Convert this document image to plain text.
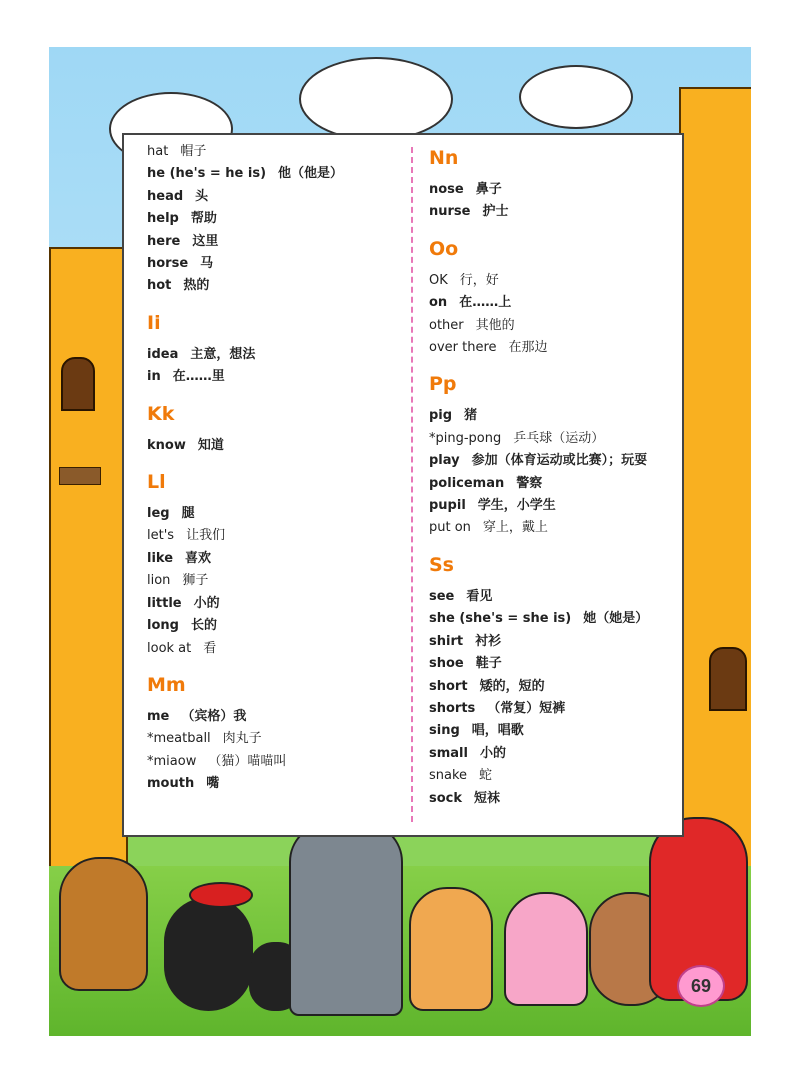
hat 帽子
he (he's = he is) 他（他是）
head 头
help 帮助
here 这里
horse 马
hot 热的
Ii
idea 主意，想法
in 在……里
Kk
know 知道
Ll
leg 腿
let's 让我们
like 喜欢
lion 狮子
little 小的
long 长的
look at 看
Mm
me （宾格）我
*meatball 肉丸子
*miaow （猫）喵喵叫
mouth 嘴
Nn
nose 鼻子
nurse 护士
Oo
OK 行，好
on 在……上
other 其他的
over there 在那边
Pp
pig 猪
*ping-pong 乒乓球（运动）
play 参加（体育运动或比赛）；玩耍
policeman 警察
pupil 学生，小学生
put on 穿上，戴上
Ss
see 看见
she (she's = she is) 她（她是）
shirt 衬衫
shoe 鞋子
short 矮的，短的
shorts （常复）短裤
sing 唱，唱歌
small 小的
snake 蛇
sock 短袜
69
